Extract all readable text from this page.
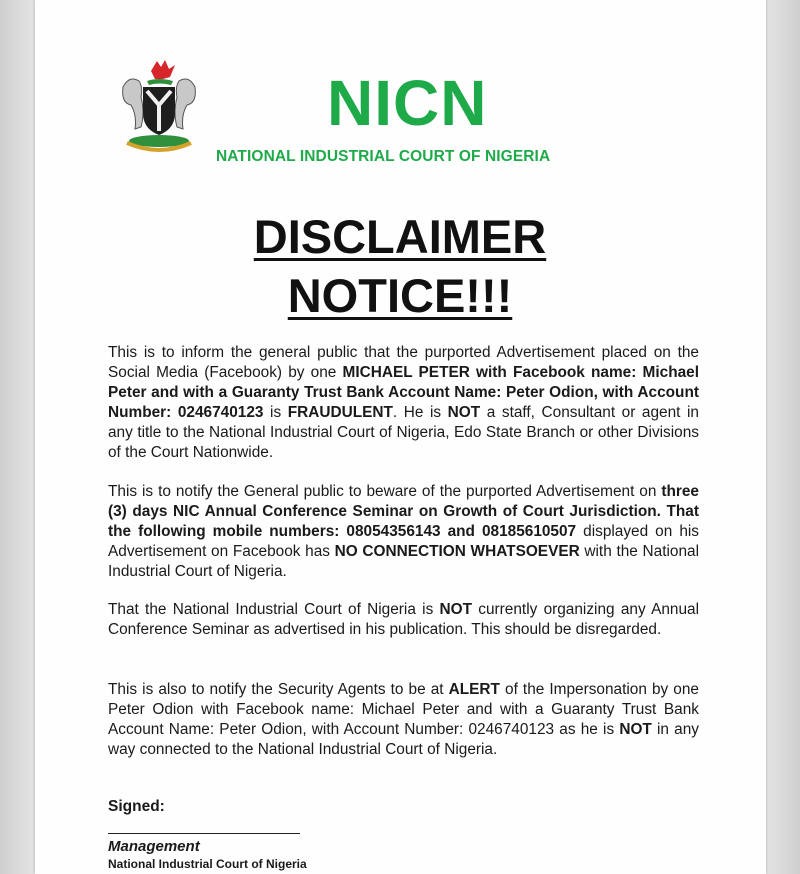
NICN
NATIONAL INDUSTRIAL COURT OF NIGERIA
DISCLAIMER
NOTICE!!!
This is to inform the general public that the purported Advertisement placed on the Social Media (Facebook) by one MICHAEL PETER with Facebook name: Michael Peter and with a Guaranty Trust Bank Account Name: Peter Odion, with Account Number: 0246740123 is FRAUDULENT. He is NOT a staff, Consultant or agent in any title to the National Industrial Court of Nigeria, Edo State Branch or other Divisions of the Court Nationwide.
This is to notify the General public to beware of the purported Advertisement on three (3) days NIC Annual Conference Seminar on Growth of Court Jurisdiction. That the following mobile numbers: 08054356143 and 08185610507 displayed on his Advertisement on Facebook has NO CONNECTION WHATSOEVER with the National Industrial Court of Nigeria.
That the National Industrial Court of Nigeria is NOT currently organizing any Annual Conference Seminar as advertised in his publication. This should be disregarded.
This is also to notify the Security Agents to be at ALERT of the Impersonation by one Peter Odion with Facebook name: Michael Peter and with a Guaranty Trust Bank Account Name: Peter Odion, with Account Number: 0246740123 as he is NOT in any way connected to the National Industrial Court of Nigeria.
Signed:
Management
National Industrial Court of Nigeria
